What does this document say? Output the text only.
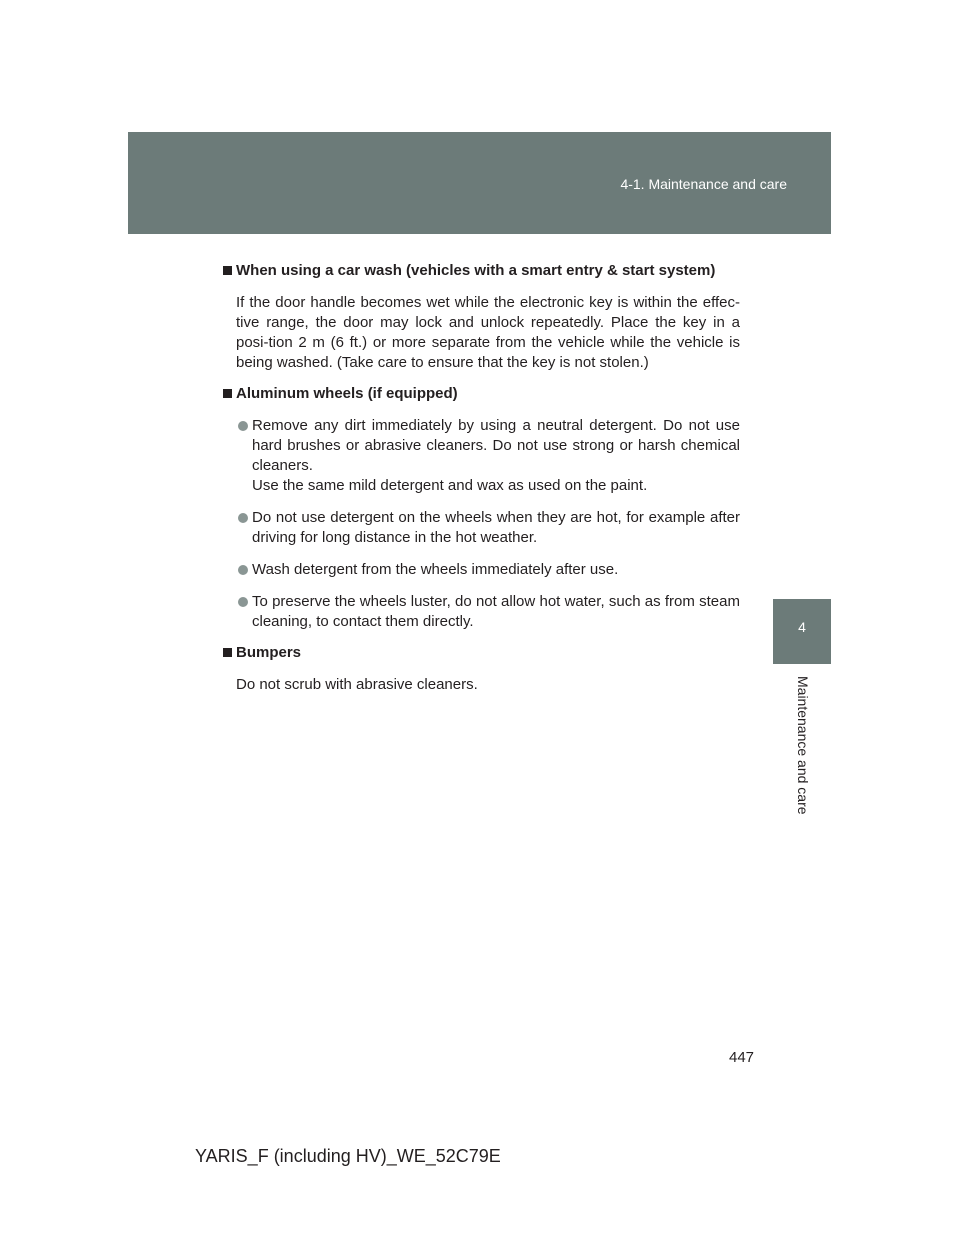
4-1. Maintenance and care
4
Maintenance and care

When using a car wash (vehicles with a smart entry & start system)

If the door handle becomes wet while the electronic key is within the effec-tive range, the door may lock and unlock repeatedly. Place the key in a posi-tion 2 m (6 ft.) or more separate from the vehicle while the vehicle is being washed. (Take care to ensure that the key is not stolen.)

Aluminum wheels (if equipped)

Remove any dirt immediately by using a neutral detergent. Do not use hard brushes or abrasive cleaners. Do not use strong or harsh chemical cleaners.
Use the same mild detergent and wax as used on the paint.
Do not use detergent on the wheels when they are hot, for example after driving for long distance in the hot weather.
Wash detergent from the wheels immediately after use.
To preserve the wheels luster, do not allow hot water, such as from steam cleaning, to contact them directly.

Bumpers

Do not scrub with abrasive cleaners.

447
YARIS_F (including HV)_WE_52C79E
